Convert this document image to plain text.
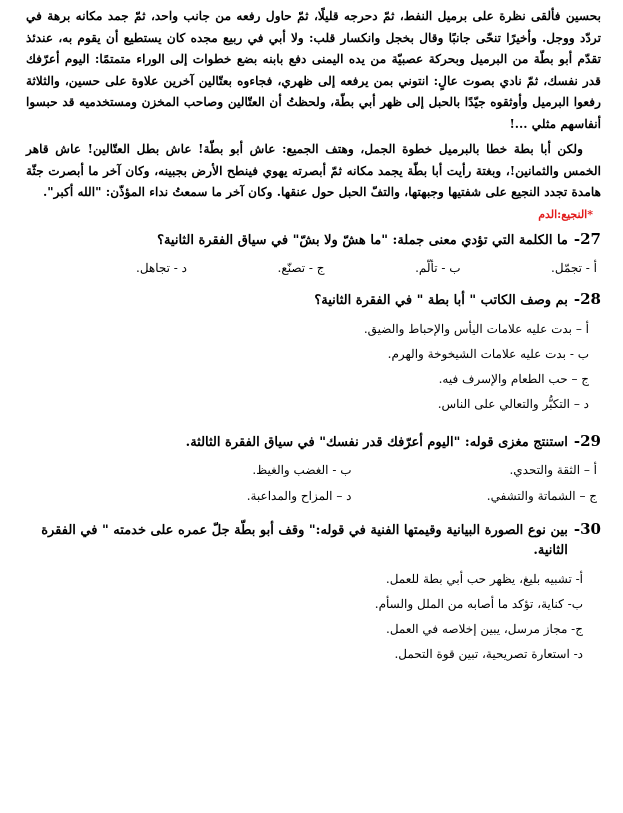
بحسين فألقى نظرة على برميل النفط، ثمّ دحرجه قليلًا، ثمّ حاول رفعه من جانب واحد، ثمّ جمد مكانه برهة في تردّد ووجل. وأخيرًا تنحّى جانبًا وقال بخجل وانكسار قلب: ولا أبي في ربيع مجده كان يستطيع أن يقوم به، عندئذ تقدّم أبو بطّة من البرميل وبحركة عصبيّة من يده اليمنى دفع بابنه بضع خطوات إلى الوراء متمتمًا: اليوم أعرّفك قدر نفسك، ثمّ نادي بصوت عالٍ: انتوني بمن يرفعه إلى ظهري، فجاءوه بعتّالين آخرين علاوة على حسين، والثلاثة رفعوا البرميل وأوثقوه جيّدًا بالحبل إلى ظهر أبي بطّة، ولحظتُ أن العتّالين وصاحب المخزن ومستخدميه قد حبسوا أنفاسهم مثلي ...!

ولكن أبا بطة خطا بالبرميل خطوة الجمل، وهتف الجميع: عاش أبو بطّة! عاش بطل العتّالين! عاش قاهر الخمس والثمانين!، وبغتة رأيت أبا بطّة يجمد مكانه ثمّ أبصرته يهوي فينطح الأرض بجبينه، وكان آخر ما أبصرت جثّة هامدة تجدد النجيع على شفتيها وجبهتها، والتفّ الحبل حول عنقها. وكان آخر ما سمعتُ نداء المؤذّن: "الله أكبر".

*النجيع:الدم
27-
ما الكلمة التي تؤدي معنى جملة: "ما هشّ ولا بشّ" في سياق الفقرة الثانية؟
أ - تجمّل.
ب - تألّم.
ج - تصنّع.
د - تجاهل.
28-
بم وصف الكاتب " أبا بطة " في الفقرة الثانية؟
أ – بدت عليه علامات اليأس والإحباط والضيق.
ب - بدت عليه علامات الشيخوخة والهرم.
ج – حب الطعام والإسرف فيه.
د – التكبُّر والتعالي على الناس.
29-
استنتج مغزى قوله: "اليوم أعرّفك قدر نفسك" في سياق الفقرة الثالثة.
أ – الثقة والتحدي.
ب - الغضب والغيظ.
ج – الشماتة والتشفي.
د – المزاح والمداعبة.
30-
بين نوع الصورة البيانية وقيمتها الفنية في قوله:" وقف أبو بطّة جلّ عمره على خدمته " في الفقرة الثانية.
أ- تشبيه بليغ، يظهر حب أبي بطة للعمل.
ب- كناية، تؤكد ما أصابه من الملل والسأم.
ج- مجاز مرسل، يبين إخلاصه في العمل.
د- استعارة تصريحية، تبين قوة التحمل.
